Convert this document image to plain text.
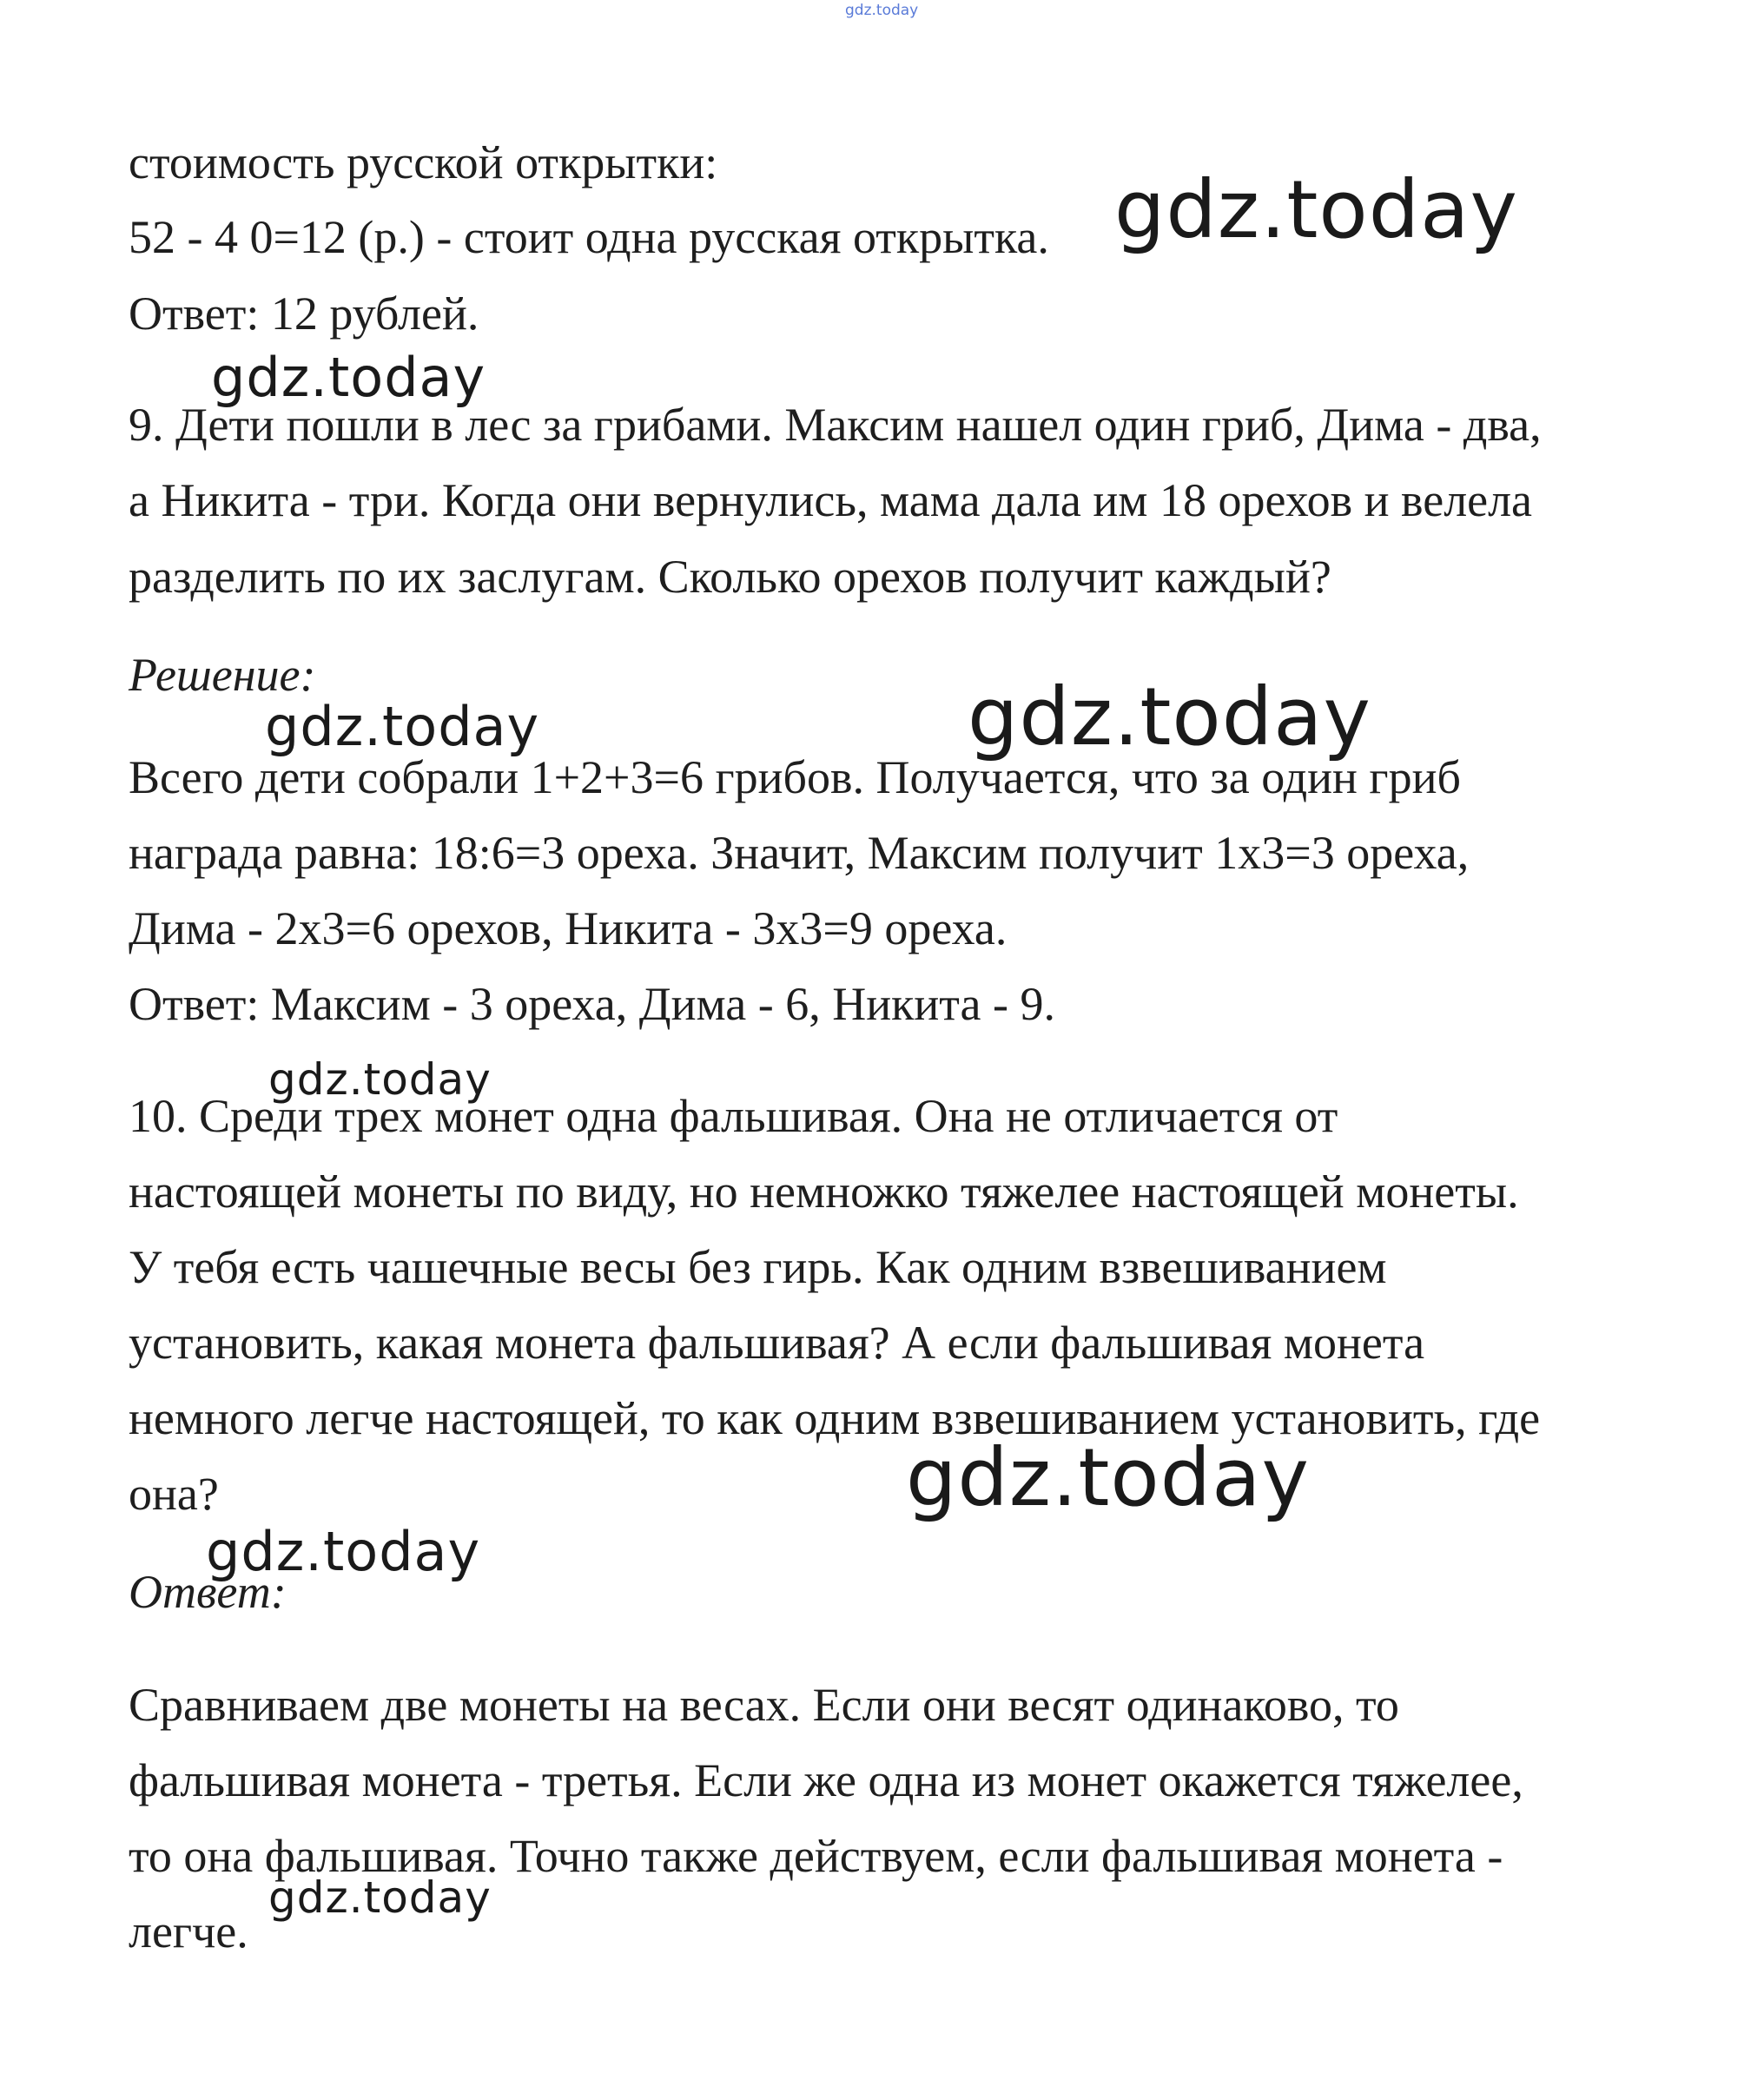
gdz.today
стоимость русской открытки:
52 - 4 0=12 (р.) - стоит одна русская открытка.
Ответ: 12 рублей.
9. Дети пошли в лес за грибами. Максим нашел один гриб, Дима - два,
а Никита - три. Когда они вернулись, мама дала им 18 орехов и велела
разделить по их заслугам. Сколько орехов получит каждый?
Решение:
Всего дети собрали 1+2+3=6 грибов. Получается, что за один гриб
награда равна: 18:6=3 ореха. Значит, Максим получит 1х3=3 ореха,
Дима - 2х3=6 орехов, Никита - 3х3=9 ореха.
Ответ: Максим - 3 ореха, Дима - 6, Никита - 9.
10. Среди трех монет одна фальшивая. Она не отличается от
настоящей монеты по виду, но немножко тяжелее настоящей монеты.
У тебя есть чашечные весы без гирь. Как одним взвешиванием
установить, какая монета фальшивая? А если фальшивая монета
немного легче настоящей, то как одним взвешиванием установить, где
она?
Ответ:
Сравниваем две монеты на весах. Если они весят одинаково, то
фальшивая монета - третья. Если же одна из монет окажется тяжелее,
то она фальшивая. Точно также действуем, если фальшивая монета -
легче.
gdz.today
gdz.today
gdz.today	gdz.today
gdz.today
gdz.today
gdz.today
gdz.today
